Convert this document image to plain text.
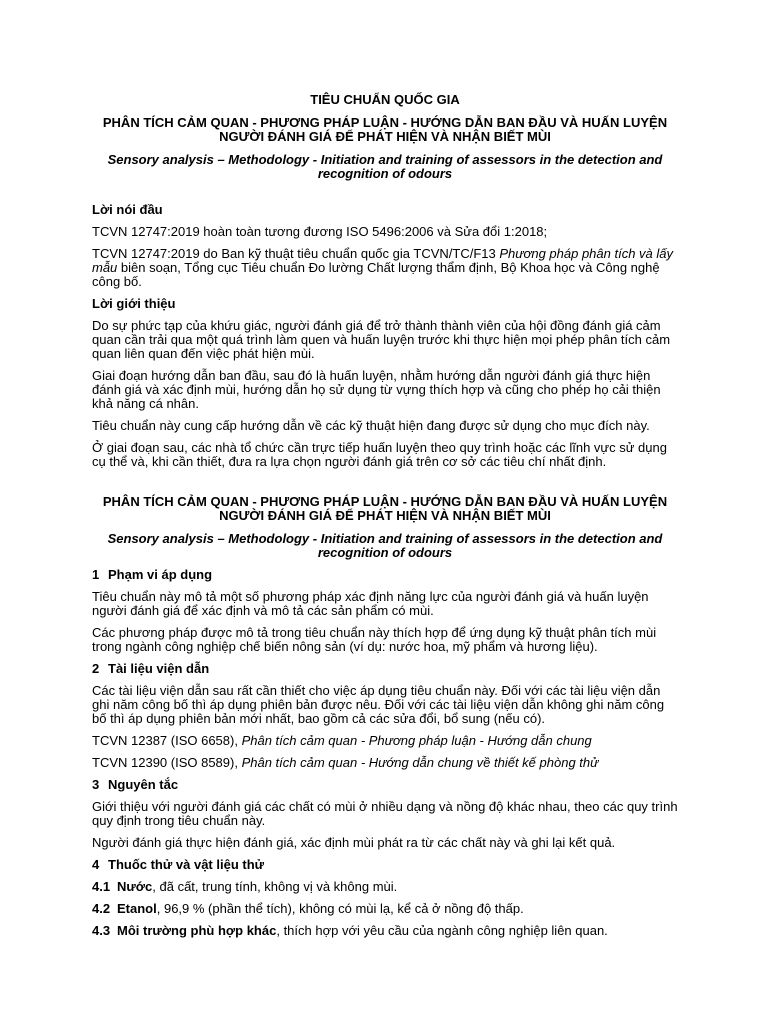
TIÊU CHUẨN QUỐC GIA

PHÂN TÍCH CẢM QUAN - PHƯƠNG PHÁP LUẬN - HƯỚNG DẪN BAN ĐẦU VÀ HUẤN LUYỆN NGƯỜI ĐÁNH GIÁ ĐỂ PHÁT HIỆN VÀ NHẬN BIẾT MÙI

Sensory analysis – Methodology - Initiation and training of assessors in the detection and recognition of odours

Lời nói đầu

TCVN 12747:2019 hoàn toàn tương đương ISO 5496:2006 và Sửa đổi 1:2018;

TCVN 12747:2019 do Ban kỹ thuật tiêu chuẩn quốc gia TCVN/TC/F13 Phương pháp phân tích và lấy mẫu biên soạn, Tổng cục Tiêu chuẩn Đo lường Chất lượng thẩm định, Bộ Khoa học và Công nghệ công bố.

Lời giới thiệu

Do sự phức tạp của khứu giác, người đánh giá để trở thành thành viên của hội đồng đánh giá cảm quan cần trải qua một quá trình làm quen và huấn luyện trước khi thực hiện mọi phép phân tích cảm quan liên quan đến việc phát hiện mùi.

Giai đoạn hướng dẫn ban đầu, sau đó là huấn luyện, nhằm hướng dẫn người đánh giá thực hiện đánh giá và xác định mùi, hướng dẫn họ sử dụng từ vựng thích hợp và cũng cho phép họ cải thiện khả năng cá nhân.

Tiêu chuẩn này cung cấp hướng dẫn về các kỹ thuật hiện đang được sử dụng cho mục đích này.

Ở giai đoạn sau, các nhà tổ chức cần trực tiếp huấn luyện theo quy trình hoặc các lĩnh vực sử dụng cụ thể và, khi cần thiết, đưa ra lựa chọn người đánh giá trên cơ sở các tiêu chí nhất định.

PHÂN TÍCH CẢM QUAN - PHƯƠNG PHÁP LUẬN - HƯỚNG DẪN BAN ĐẦU VÀ HUẤN LUYỆN NGƯỜI ĐÁNH GIÁ ĐỂ PHÁT HIỆN VÀ NHẬN BIẾT MÙI

Sensory analysis – Methodology - Initiation and training of assessors in the detection and recognition of odours

1 Phạm vi áp dụng

Tiêu chuẩn này mô tả một số phương pháp xác định năng lực của người đánh giá và huấn luyện người đánh giá để xác định và mô tả các sản phẩm có mùi.

Các phương pháp được mô tả trong tiêu chuẩn này thích hợp để ứng dụng kỹ thuật phân tích mùi trong ngành công nghiệp chế biến nông sản (ví dụ: nước hoa, mỹ phẩm và hương liệu).

2 Tài liệu viện dẫn

Các tài liệu viện dẫn sau rất cần thiết cho việc áp dụng tiêu chuẩn này. Đối với các tài liệu viện dẫn ghi năm công bố thì áp dụng phiên bản được nêu. Đối với các tài liệu viện dẫn không ghi năm công bố thì áp dụng phiên bản mới nhất, bao gồm cả các sửa đổi, bổ sung (nếu có).

TCVN 12387 (ISO 6658), Phân tích cảm quan - Phương pháp luận - Hướng dẫn chung

TCVN 12390 (ISO 8589), Phân tích cảm quan - Hướng dẫn chung về thiết kế phòng thử

3 Nguyên tắc

Giới thiệu với người đánh giá các chất có mùi ở nhiều dạng và nồng độ khác nhau, theo các quy trình quy định trong tiêu chuẩn này.

Người đánh giá thực hiện đánh giá, xác định mùi phát ra từ các chất này và ghi lại kết quả.

4 Thuốc thử và vật liệu thử

4.1 Nước, đã cất, trung tính, không vị và không mùi.

4.2 Etanol, 96,9 % (phần thể tích), không có mùi lạ, kể cả ở nồng độ thấp.

4.3 Môi trường phù hợp khác, thích hợp với yêu cầu của ngành công nghiệp liên quan.
